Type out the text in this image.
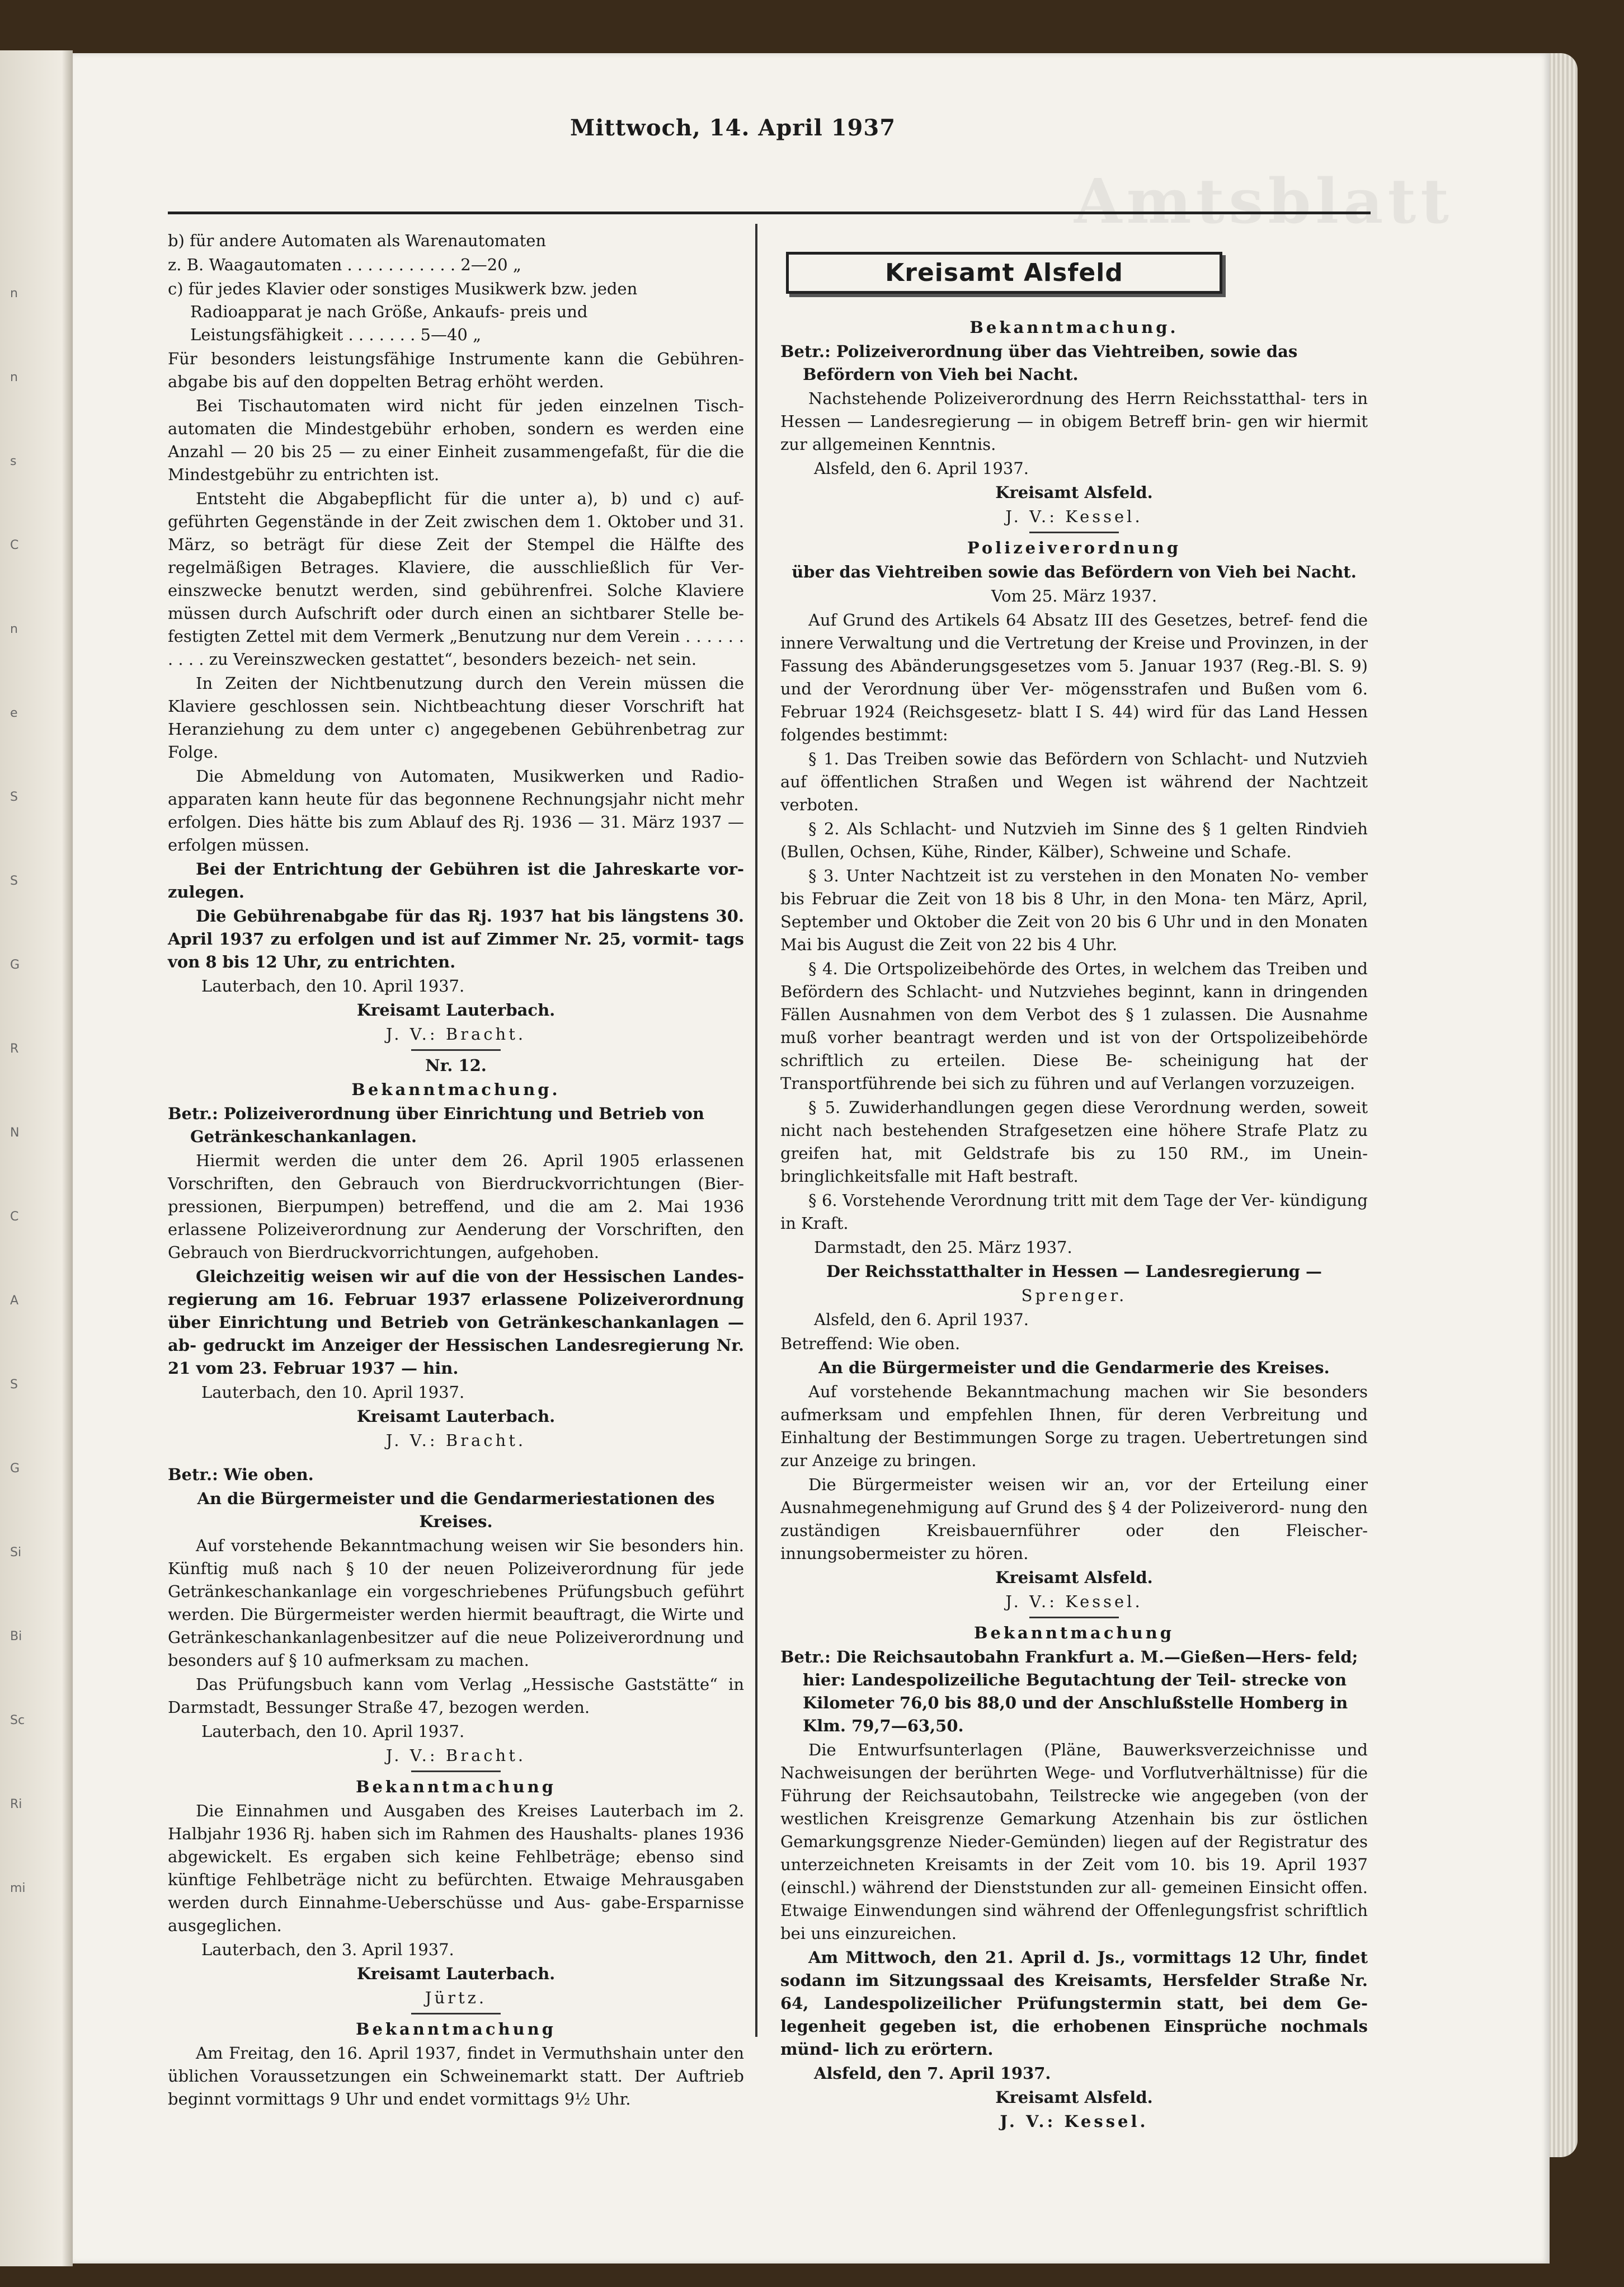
n
n
s
C
n
e
S
S
G
R
N
C
A
S
G
Si
Bi
Sc
Ri
mi
Amtsblatt
Mittwoch, 14. April 1937

b) für andere Automaten als Warenautomaten

z. B. Waagautomaten . . . . . . . . . . . 2—20 „

c) für jedes Klavier oder sonstiges Musikwerk bzw. jeden Radioapparat je nach Größe, Ankaufs- preis und Leistungsfähigkeit . . . . . . . 5—40 „

Für besonders leistungsfähige Instrumente kann die Gebühren- abgabe bis auf den doppelten Betrag erhöht werden.

Bei Tischautomaten wird nicht für jeden einzelnen Tisch- automaten die Mindestgebühr erhoben, sondern es werden eine Anzahl — 20 bis 25 — zu einer Einheit zusammengefaßt, für die die Mindestgebühr zu entrichten ist.

Entsteht die Abgabepflicht für die unter a), b) und c) auf- geführten Gegenstände in der Zeit zwischen dem 1. Oktober und 31. März, so beträgt für diese Zeit der Stempel die Hälfte des regelmäßigen Betrages. Klaviere, die ausschließlich für Ver- einszwecke benutzt werden, sind gebührenfrei. Solche Klaviere müssen durch Aufschrift oder durch einen an sichtbarer Stelle be- festigten Zettel mit dem Vermerk „Benutzung nur dem Verein . . . . . . . . . . zu Vereinszwecken gestattet“, besonders bezeich- net sein.

In Zeiten der Nichtbenutzung durch den Verein müssen die Klaviere geschlossen sein. Nichtbeachtung dieser Vorschrift hat Heranziehung zu dem unter c) angegebenen Gebührenbetrag zur Folge.

Die Abmeldung von Automaten, Musikwerken und Radio- apparaten kann heute für das begonnene Rechnungsjahr nicht mehr erfolgen. Dies hätte bis zum Ablauf des Rj. 1936 — 31. März 1937 — erfolgen müssen.

Bei der Entrichtung der Gebühren ist die Jahreskarte vor- zulegen.

Die Gebührenabgabe für das Rj. 1937 hat bis längstens 30. April 1937 zu erfolgen und ist auf Zimmer Nr. 25, vormit- tags von 8 bis 12 Uhr, zu entrichten.

Lauterbach, den 10. April 1937.

Kreisamt Lauterbach.

J. V.: Bracht.

Nr. 12.

Bekanntmachung.

Betr.: Polizeiverordnung über Einrichtung und Betrieb von Getränkeschankanlagen.

Hiermit werden die unter dem 26. April 1905 erlassenen Vorschriften, den Gebrauch von Bierdruckvorrichtungen (Bier- pressionen, Bierpumpen) betreffend, und die am 2. Mai 1936 erlassene Polizeiverordnung zur Aenderung der Vorschriften, den Gebrauch von Bierdruckvorrichtungen, aufgehoben.

Gleichzeitig weisen wir auf die von der Hessischen Landes- regierung am 16. Februar 1937 erlassene Polizeiverordnung über Einrichtung und Betrieb von Getränkeschankanlagen — ab- gedruckt im Anzeiger der Hessischen Landesregierung Nr. 21 vom 23. Februar 1937 — hin.

Lauterbach, den 10. April 1937.

Kreisamt Lauterbach.

J. V.: Bracht.

Betr.: Wie oben.

An die Bürgermeister und die Gendarmeriestationen des Kreises.

Auf vorstehende Bekanntmachung weisen wir Sie besonders hin. Künftig muß nach § 10 der neuen Polizeiverordnung für jede Getränkeschankanlage ein vorgeschriebenes Prüfungsbuch geführt werden. Die Bürgermeister werden hiermit beauftragt, die Wirte und Getränkeschankanlagenbesitzer auf die neue Polizeiverordnung und besonders auf § 10 aufmerksam zu machen.

Das Prüfungsbuch kann vom Verlag „Hessische Gaststätte“ in Darmstadt, Bessunger Straße 47, bezogen werden.

Lauterbach, den 10. April 1937.

J. V.: Bracht.

Bekanntmachung

Die Einnahmen und Ausgaben des Kreises Lauterbach im 2. Halbjahr 1936 Rj. haben sich im Rahmen des Haushalts- planes 1936 abgewickelt. Es ergaben sich keine Fehlbeträge; ebenso sind künftige Fehlbeträge nicht zu befürchten. Etwaige Mehrausgaben werden durch Einnahme-Ueberschüsse und Aus- gabe-Ersparnisse ausgeglichen.

Lauterbach, den 3. April 1937.

Kreisamt Lauterbach.

Jürtz.

Bekanntmachung

Am Freitag, den 16. April 1937, findet in Vermuthshain unter den üblichen Voraussetzungen ein Schweinemarkt statt. Der Auftrieb beginnt vormittags 9 Uhr und endet vormittags 9½ Uhr.

Kreisamt Alsfeld

Bekanntmachung.

Betr.: Polizeiverordnung über das Viehtreiben, sowie das Befördern von Vieh bei Nacht.

Nachstehende Polizeiverordnung des Herrn Reichsstatthal- ters in Hessen — Landesregierung — in obigem Betreff brin- gen wir hiermit zur allgemeinen Kenntnis.

Alsfeld, den 6. April 1937.

Kreisamt Alsfeld.

J. V.: Kessel.

Polizeiverordnung

über das Viehtreiben sowie das Befördern von Vieh bei Nacht.

Vom 25. März 1937.

Auf Grund des Artikels 64 Absatz III des Gesetzes, betref- fend die innere Verwaltung und die Vertretung der Kreise und Provinzen, in der Fassung des Abänderungsgesetzes vom 5. Januar 1937 (Reg.-Bl. S. 9) und der Verordnung über Ver- mögensstrafen und Bußen vom 6. Februar 1924 (Reichsgesetz- blatt I S. 44) wird für das Land Hessen folgendes bestimmt:

§ 1. Das Treiben sowie das Befördern von Schlacht- und Nutzvieh auf öffentlichen Straßen und Wegen ist während der Nachtzeit verboten.

§ 2. Als Schlacht- und Nutzvieh im Sinne des § 1 gelten Rindvieh (Bullen, Ochsen, Kühe, Rinder, Kälber), Schweine und Schafe.

§ 3. Unter Nachtzeit ist zu verstehen in den Monaten No- vember bis Februar die Zeit von 18 bis 8 Uhr, in den Mona- ten März, April, September und Oktober die Zeit von 20 bis 6 Uhr und in den Monaten Mai bis August die Zeit von 22 bis 4 Uhr.

§ 4. Die Ortspolizeibehörde des Ortes, in welchem das Treiben und Befördern des Schlacht- und Nutzviehes beginnt, kann in dringenden Fällen Ausnahmen von dem Verbot des § 1 zulassen. Die Ausnahme muß vorher beantragt werden und ist von der Ortspolizeibehörde schriftlich zu erteilen. Diese Be- scheinigung hat der Transportführende bei sich zu führen und auf Verlangen vorzuzeigen.

§ 5. Zuwiderhandlungen gegen diese Verordnung werden, soweit nicht nach bestehenden Strafgesetzen eine höhere Strafe Platz zu greifen hat, mit Geldstrafe bis zu 150 RM., im Unein- bringlichkeitsfalle mit Haft bestraft.

§ 6. Vorstehende Verordnung tritt mit dem Tage der Ver- kündigung in Kraft.

Darmstadt, den 25. März 1937.

Der Reichsstatthalter in Hessen — Landesregierung —

Sprenger.

Alsfeld, den 6. April 1937.

Betreffend: Wie oben.

An die Bürgermeister und die Gendarmerie des Kreises.

Auf vorstehende Bekanntmachung machen wir Sie besonders aufmerksam und empfehlen Ihnen, für deren Verbreitung und Einhaltung der Bestimmungen Sorge zu tragen. Uebertretungen sind zur Anzeige zu bringen.

Die Bürgermeister weisen wir an, vor der Erteilung einer Ausnahmegenehmigung auf Grund des § 4 der Polizeiverord- nung den zuständigen Kreisbauernführer oder den Fleischer- innungsobermeister zu hören.

Kreisamt Alsfeld.

J. V.: Kessel.

Bekanntmachung

Betr.: Die Reichsautobahn Frankfurt a. M.—Gießen—Hers- feld; hier: Landespolizeiliche Begutachtung der Teil- strecke von Kilometer 76,0 bis 88,0 und der Anschlußstelle Homberg in Klm. 79,7—63,50.

Die Entwurfsunterlagen (Pläne, Bauwerksverzeichnisse und Nachweisungen der berührten Wege- und Vorflutverhältnisse) für die Führung der Reichsautobahn, Teilstrecke wie angegeben (von der westlichen Kreisgrenze Gemarkung Atzenhain bis zur östlichen Gemarkungsgrenze Nieder-Gemünden) liegen auf der Registratur des unterzeichneten Kreisamts in der Zeit vom 10. bis 19. April 1937 (einschl.) während der Dienststunden zur all- gemeinen Einsicht offen. Etwaige Einwendungen sind während der Offenlegungsfrist schriftlich bei uns einzureichen.

Am Mittwoch, den 21. April d. Js., vormittags 12 Uhr, findet sodann im Sitzungssaal des Kreisamts, Hersfelder Straße Nr. 64, Landespolizeilicher Prüfungstermin statt, bei dem Ge- legenheit gegeben ist, die erhobenen Einsprüche nochmals münd- lich zu erörtern.

Alsfeld, den 7. April 1937.

Kreisamt Alsfeld.

J. V.: Kessel.
